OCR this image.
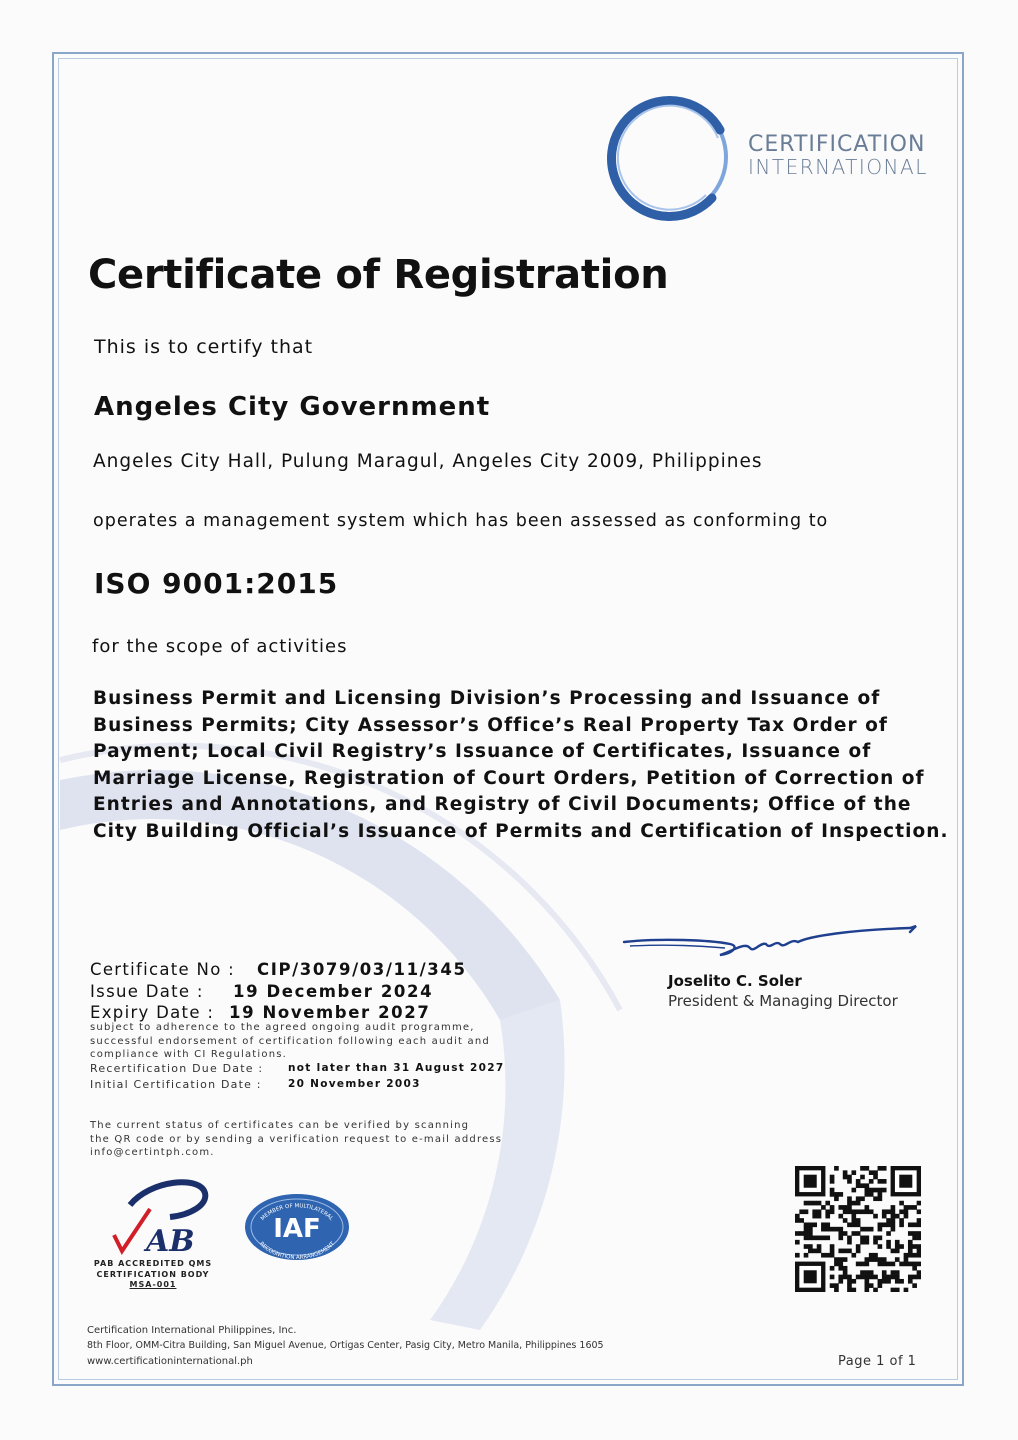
CERTIFICATION
INTERNATIONAL
Certificate of Registration
This is to certify that
Angeles City Government
Angeles City Hall, Pulung Maragul, Angeles City 2009, Philippines
operates a management system which has been assessed as conforming to
ISO 9001:2015
for the scope of activities
Business Permit and Licensing Division’s Processing and Issuance of
Business Permits; City Assessor’s Office’s Real Property Tax Order of
Payment; Local Civil Registry’s Issuance of Certificates, Issuance of
Marriage License, Registration of Court Orders, Petition of Correction of
Entries and Annotations, and Registry of Civil Documents; Office of the
City Building Official’s Issuance of Permits and Certification of Inspection.
Certificate No : CIP/3079/03/11/345
Issue Date : 19 December 2024
Expiry Date : 19 November 2027
subject to adherence to the agreed ongoing audit programme,
successful endorsement of certification following each audit and
compliance with CI Regulations.
Recertification Due Date : not later than 31 August 2027
Initial Certification Date :	20 November 2003
The current status of certificates can be verified by scanning
the QR code or by sending a verification request to e-mail address
info@certintph.com.
Joselito C. Soler
President & Managing Director
AB
PAB ACCREDITED QMS
CERTIFICATION BODY
MSA-001
MEMBER OF MULTILATERAL
RECOGNITION ARRANGEMENT
IAF
Certification International Philippines, Inc.
8th Floor, OMM-Citra Building, San Miguel Avenue, Ortigas Center, Pasig City, Metro Manila, Philippines 1605
www.certificationinternational.ph	Page 1 of 1
